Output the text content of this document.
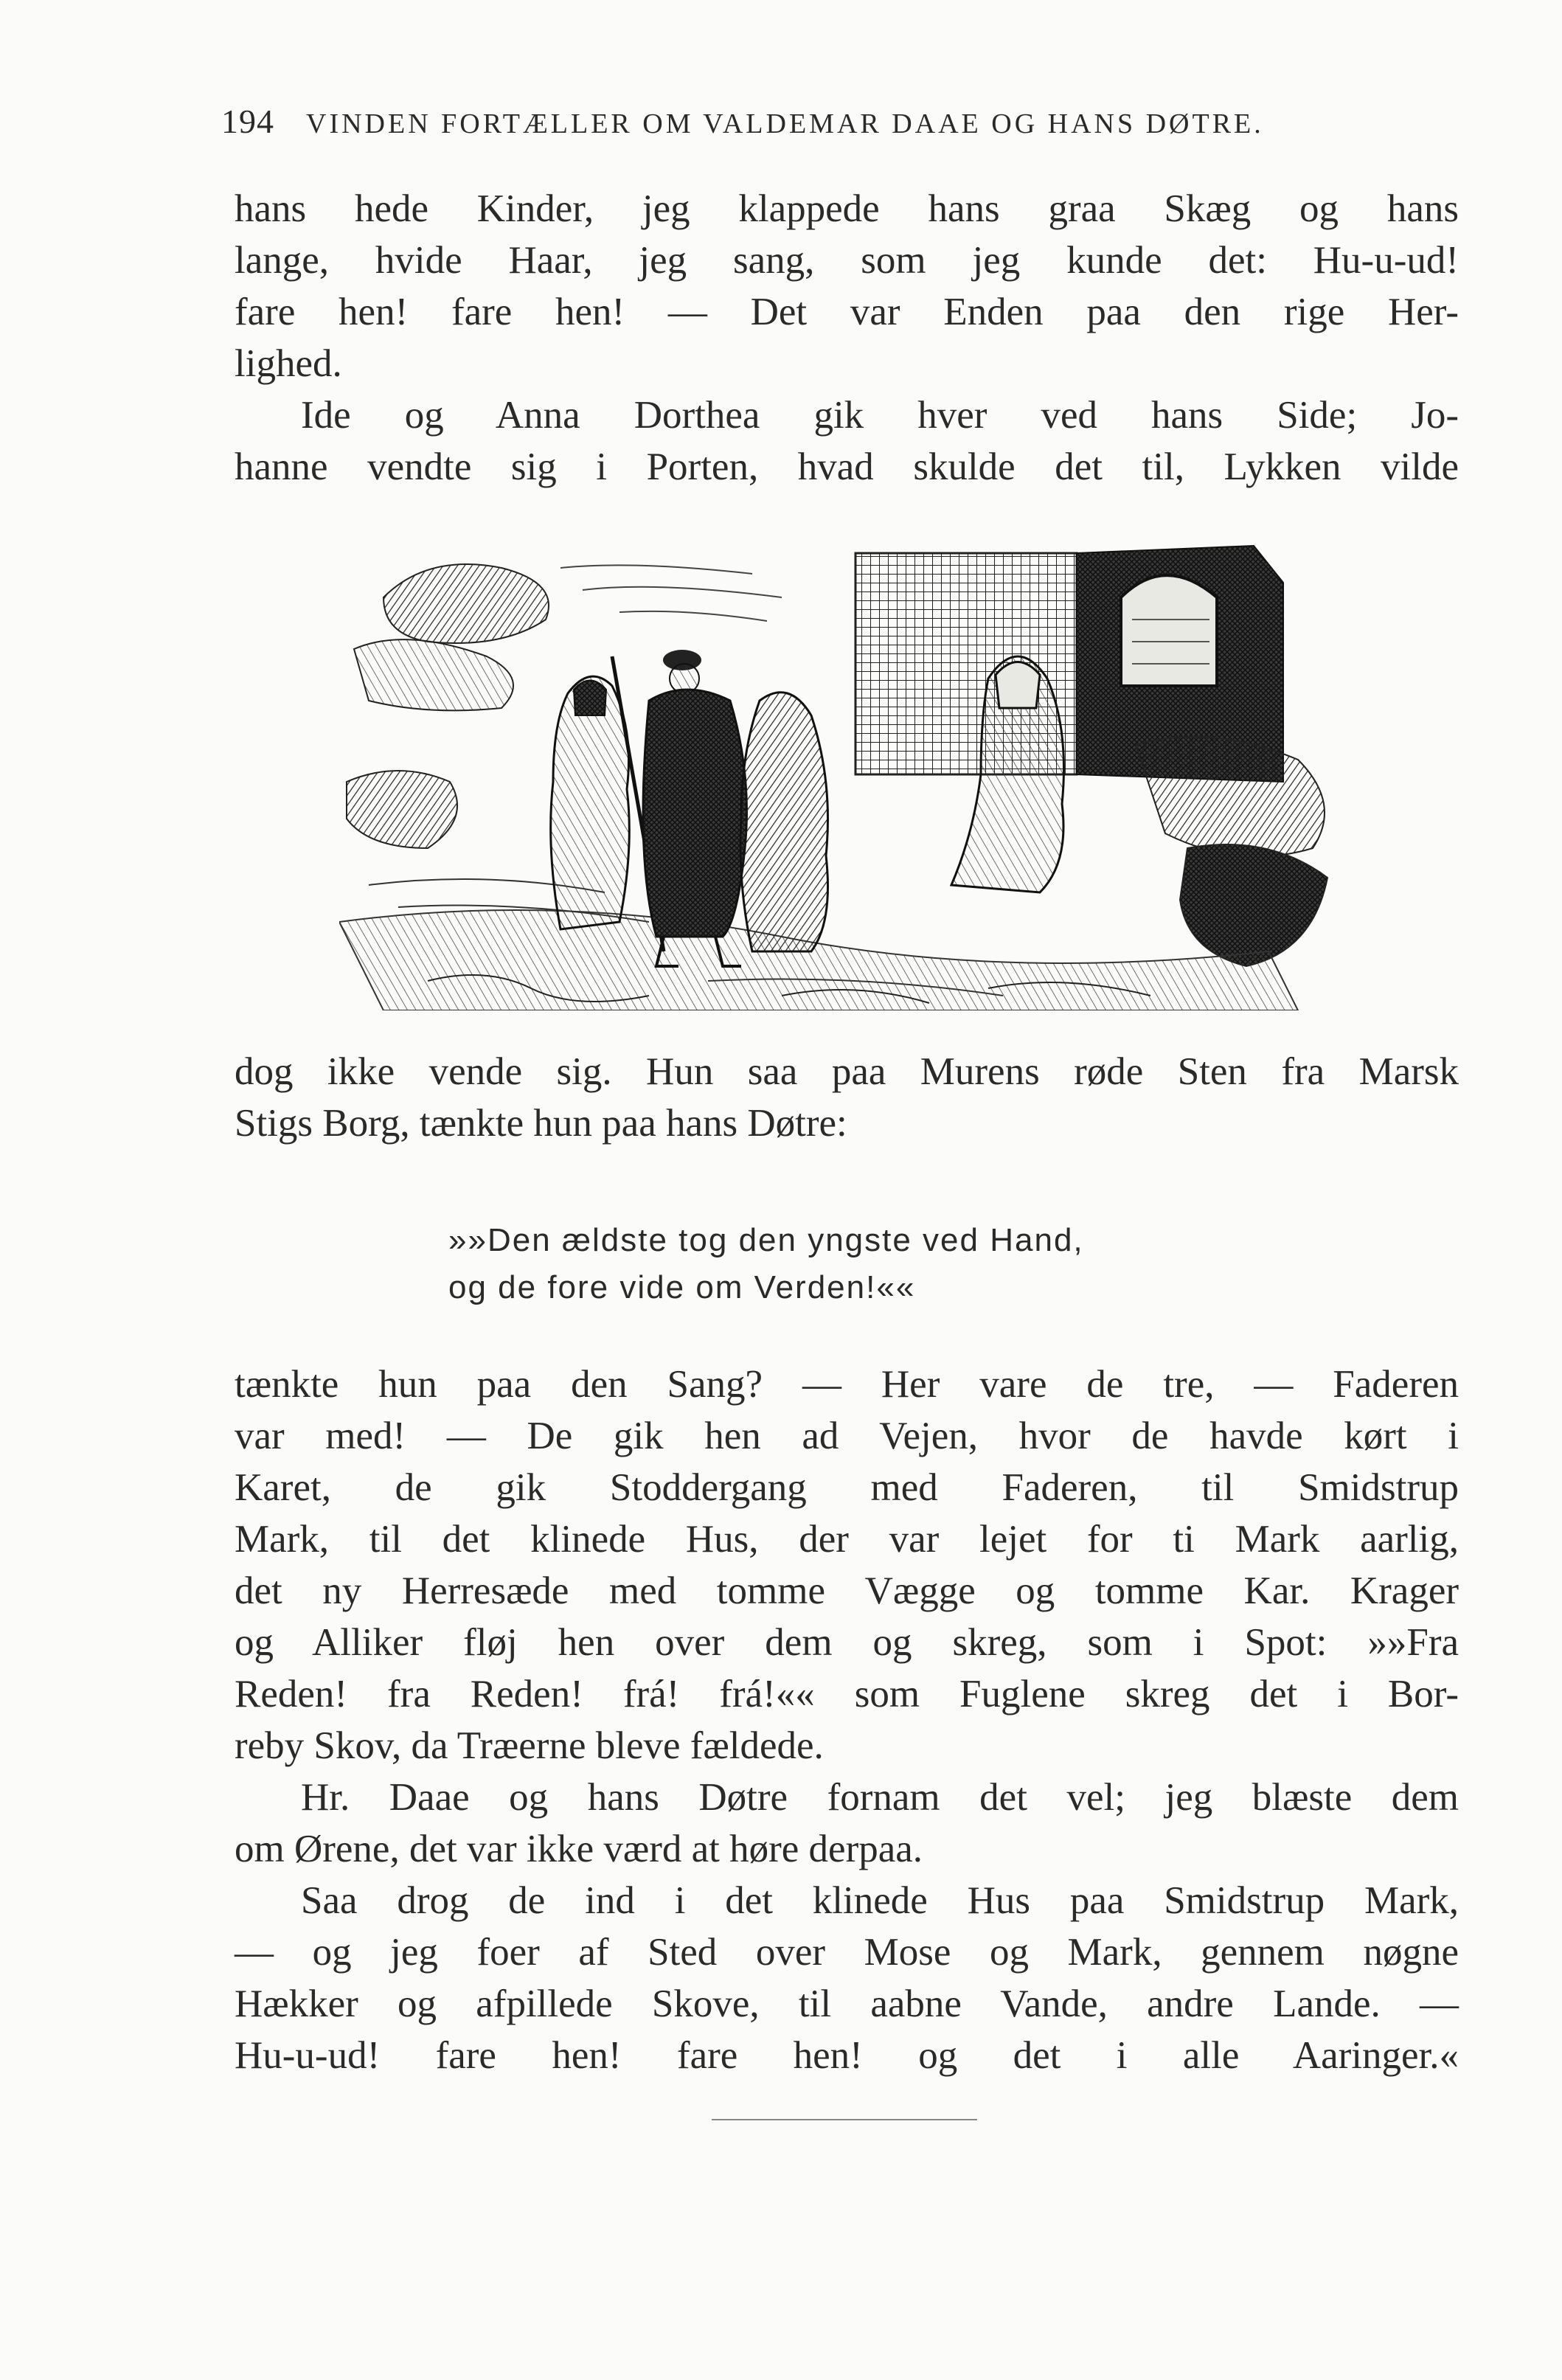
194 VINDEN FORTÆLLER OM VALDEMAR DAAE OG HANS DØTRE.
hans hede Kinder, jeg klappede hans graa Skæg og hans
lange, hvide Haar, jeg sang, som jeg kunde det: Hu-u-ud!
fare hen! fare hen! — Det var Enden paa den rige Her-
lighed.
Ide og Anna Dorthea gik hver ved hans Side; Jo-
hanne vendte sig i Porten, hvad skulde det til, Lykken vilde
dog ikke vende sig. Hun saa paa Murens røde Sten fra Marsk
Stigs Borg, tænkte hun paa hans Døtre:
»»Den ældste tog den yngste ved Hand,
og de fore vide om Verden!««
tænkte hun paa den Sang? — Her vare de tre, — Faderen
var med! — De gik hen ad Vejen, hvor de havde kørt i
Karet, de gik Stoddergang med Faderen, til Smidstrup
Mark, til det klinede Hus, der var lejet for ti Mark aarlig,
det ny Herresæde med tomme Vægge og tomme Kar. Krager
og Alliker fløj hen over dem og skreg, som i Spot: »»Fra
Reden! fra Reden! frá! frá!«« som Fuglene skreg det i Bor-
reby Skov, da Træerne bleve fældede.
Hr. Daae og hans Døtre fornam det vel; jeg blæste dem
om Ørene, det var ikke værd at høre derpaa.
Saa drog de ind i det klinede Hus paa Smidstrup Mark,
— og jeg foer af Sted over Mose og Mark, gennem nøgne
Hækker og afpillede Skove, til aabne Vande, andre Lande. —
Hu-u-ud! fare hen! fare hen! og det i alle Aaringer.«
